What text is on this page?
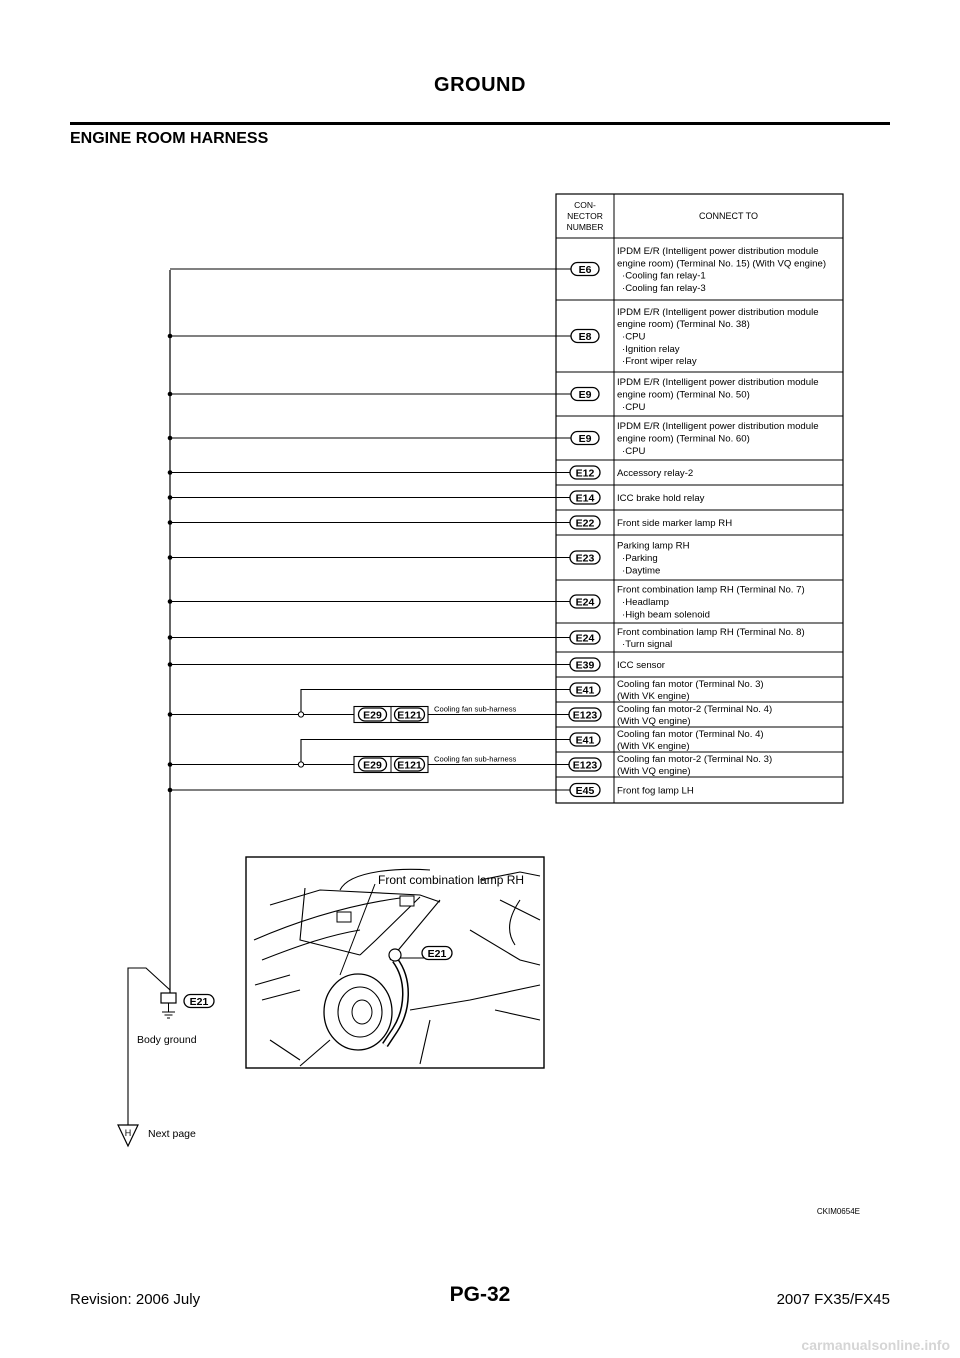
GROUND
ENGINE ROOM HARNESS
CON-
NECTOR
NUMBER
CONNECT TO
E6
IPDM E/R (Intelligent power distribution module
engine room) (Terminal No. 15) (With VQ engine)
·Cooling fan relay-1
·Cooling fan relay-3
E8
IPDM E/R (Intelligent power distribution module
engine room) (Terminal No. 38)
·CPU
·Ignition relay
·Front wiper relay
E9
IPDM E/R (Intelligent power distribution module
engine room) (Terminal No. 50)
·CPU
E9
IPDM E/R (Intelligent power distribution module
engine room) (Terminal No. 60)
·CPU
E12 Accessory relay-2
E14 ICC brake hold relay
E22 Front side marker lamp RH
E23
Parking lamp RH
·Parking
·Daytime
E24
Front combination lamp RH (Terminal No. 7)
·Headlamp
·High beam solenoid
E24 Front combination lamp RH (Terminal No. 8)
·Turn signal
E39 ICC sensor
E41 Cooling fan motor (Terminal No. 3)
(With VK engine)
E123 Cooling fan motor-2 (Terminal No. 4)
(With VQ engine)
E41 Cooling fan motor (Terminal No. 4)
(With VK engine)
E123 Cooling fan motor-2 (Terminal No. 3)
(With VQ engine)
E45 Front fog lamp LH
E29 E121
Cooling fan sub-harness
E29 E121
Cooling fan sub-harness
Front combination lamp RH
E21
E21
Body ground
H Next page
CKIM0654E
Revision: 2006 July	PG-32	2007 FX35/FX45
carmanualsonline.info
